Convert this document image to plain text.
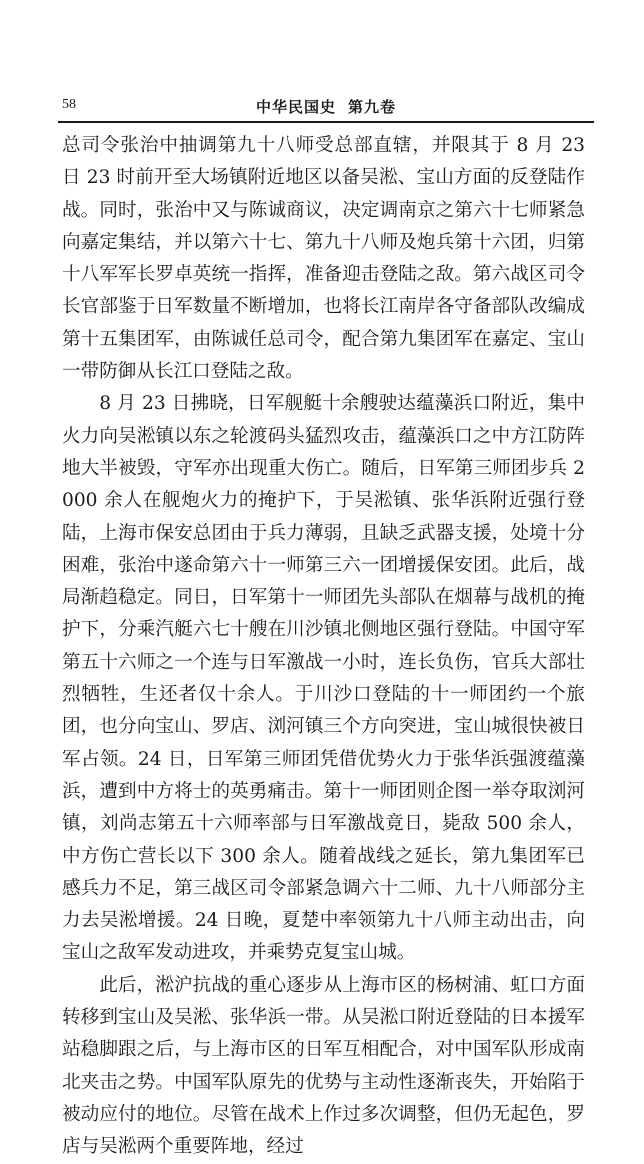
58	中华民国史 第九卷

总司令张治中抽调第九十八师受总部直辖，并限其于 8 月 23 日 23 时前开至大场镇附近地区以备吴淞、宝山方面的反登陆作战。同时，张治中又与陈诚商议，决定调南京之第六十七师紧急向嘉定集结，并以第六十七、第九十八师及炮兵第十六团，归第十八军军长罗卓英统一指挥，准备迎击登陆之敌。第六战区司令长官部鉴于日军数量不断增加，也将长江南岸各守备部队改编成第十五集团军，由陈诚任总司令，配合第九集团军在嘉定、宝山一带防御从长江口登陆之敌。

8 月 23 日拂晓，日军舰艇十余艘驶达蕴藻浜口附近，集中火力向吴淞镇以东之轮渡码头猛烈攻击，蕴藻浜口之中方江防阵地大半被毁，守军亦出现重大伤亡。随后，日军第三师团步兵 2000 余人在舰炮火力的掩护下，于吴淞镇、张华浜附近强行登陆，上海市保安总团由于兵力薄弱，且缺乏武器支援，处境十分困难，张治中遂命第六十一师第三六一团增援保安团。此后，战局渐趋稳定。同日，日军第十一师团先头部队在烟幕与战机的掩护下，分乘汽艇六七十艘在川沙镇北侧地区强行登陆。中国守军第五十六师之一个连与日军激战一小时，连长负伤，官兵大部壮烈牺牲，生还者仅十余人。于川沙口登陆的十一师团约一个旅团，也分向宝山、罗店、浏河镇三个方向突进，宝山城很快被日军占领。24 日，日军第三师团凭借优势火力于张华浜强渡蕴藻浜，遭到中方将士的英勇痛击。第十一师团则企图一举夺取浏河镇，刘尚志第五十六师率部与日军激战竟日，毙敌 500 余人，中方伤亡营长以下 300 余人。随着战线之延长，第九集团军已感兵力不足，第三战区司令部紧急调六十二师、九十八师部分主力去吴淞增援。24 日晚，夏楚中率领第九十八师主动出击，向宝山之敌军发动进攻，并乘势克复宝山城。

此后，淞沪抗战的重心逐步从上海市区的杨树浦、虹口方面转移到宝山及吴淞、张华浜一带。从吴淞口附近登陆的日本援军站稳脚跟之后，与上海市区的日军互相配合，对中国军队形成南北夹击之势。中国军队原先的优势与主动性逐渐丧失，开始陷于被动应付的地位。尽管在战术上作过多次调整，但仍无起色，罗店与吴淞两个重要阵地，经过
